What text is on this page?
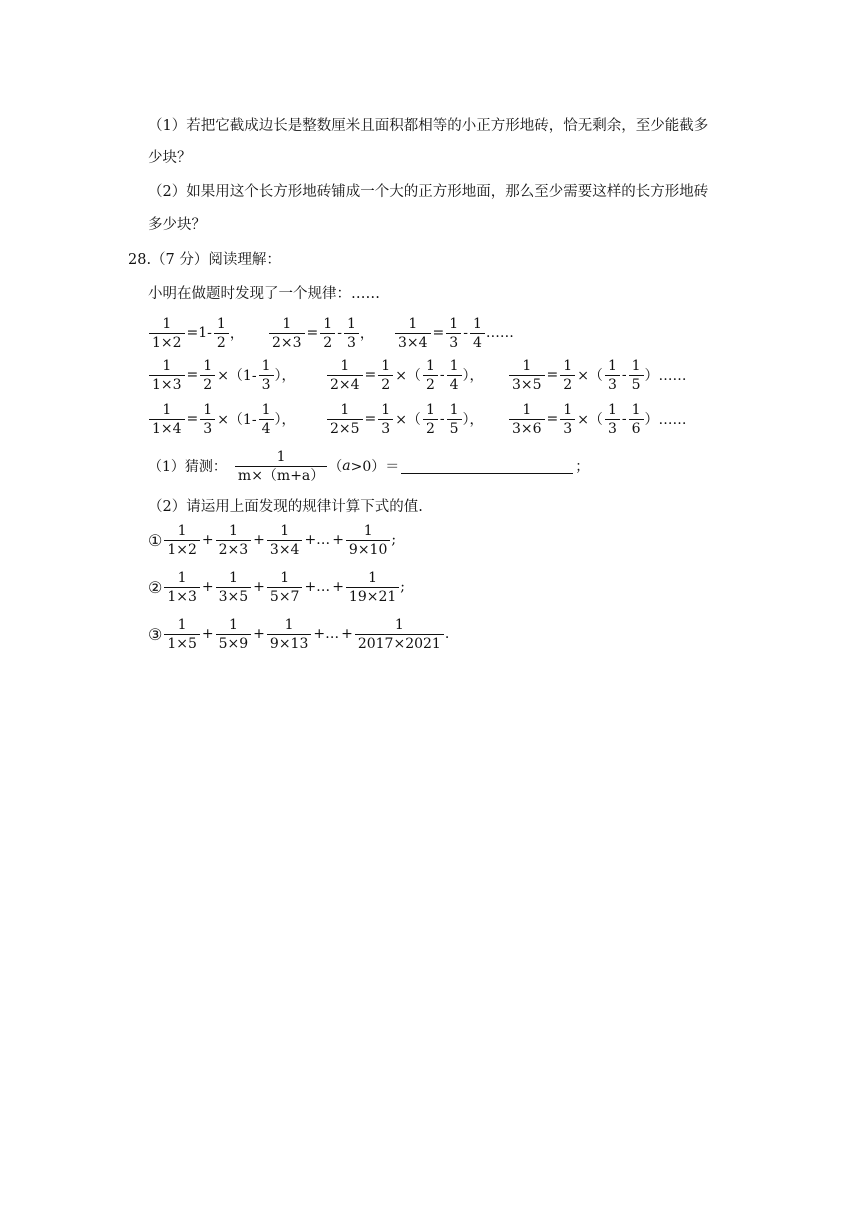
（1）若把它截成边长是整数厘米且面积都相等的小正方形地砖，恰无剩余，至少能截多
少块？
（2）如果用这个长方形地砖铺成一个大的正方形地面，那么至少需要这样的长方形地砖
多少块？
28.（7 分）阅读理解：
小明在做题时发现了一个规律：……
$\frac{1}{1\times 2} =1- \frac{1}{2}$ ， $\frac{1}{2\times 3} = \frac{1}{2} - \frac{1}{3}$ ， $\frac{1}{3\times 4} = \frac{1}{3} - \frac{1}{4}$ ……
$\frac{1}{1\times 3} = \frac{1}{2} \times(1- \frac{1}{3}$ ）， $\frac{1}{2\times 4} = \frac{1}{2}$ ×（ $\frac{1}{2} - \frac{1}{4}$ ）， $\frac{1}{3\times 5} = \frac{1}{2}$ ×（ $\frac{1}{3} - \frac{1}{5}$ ）……
$\frac{1}{1\times 4} = \frac{1}{3} \times(1- \frac{1}{4}$ ）， $\frac{1}{2\times 5} = \frac{1}{3}$ ×（ $\frac{1}{2} - \frac{1}{5}$ ）， $\frac{1}{3\times 6} = \frac{1}{3}$ ×（ $\frac{1}{3} - \frac{1}{6}$ ）……
（1）猜测： $\frac{1}{m\times(m+a)}$ （ a >0）＝	；
（2）请运用上面发现的规律计算下式的值.
① $\frac{1}{1\times 2} + \frac{1}{2\times 3} + \frac{1}{3\times 4}$ +… + $\frac{1}{9\times 10}$ ;
② $\frac{1}{1\times 3} + \frac{1}{3\times 5} + \frac{1}{5\times 7}$ +… + $\frac{1}{19\times 21}$ ;
③ $\frac{1}{1\times 5} + \frac{1}{5\times 9} + \frac{1}{9\times 13}$ +… + $\frac{1}{2017\times 2021}$ .
